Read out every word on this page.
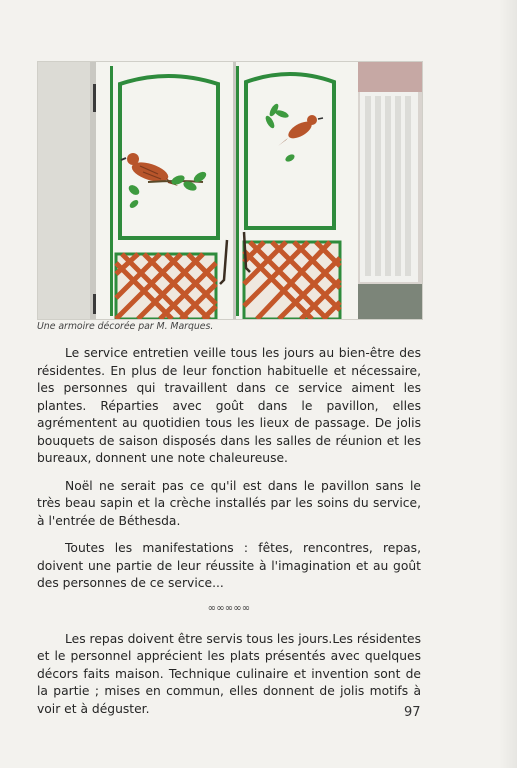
Une armoire décorée par M. Marques.

Le service entretien veille tous les jours au bien-être des résidentes. En plus de leur fonction habituelle et nécessaire, les personnes qui travaillent dans ce service aiment les plantes. Réparties avec goût dans le pavillon, elles agrémentent au quotidien tous les lieux de passage. De jolis bouquets de saison disposés dans les salles de réunion et les bureaux, donnent une note chaleureuse.

Noël ne serait pas ce qu'il est dans le pavillon sans le très beau sapin et la crèche installés par les soins du service, à l'entrée de Béthesda.

Toutes les manifestations : fêtes, rencontres, repas, doivent une partie de leur réussite à l'imagination et au goût des personnes de ce service...

∞∞∞∞∞

Les repas doivent être servis tous les jours.Les résidentes et le personnel apprécient les plats présentés avec quelques décors faits maison. Technique culinaire et invention sont de la partie ; mises en commun, elles donnent de jolis motifs à voir et à déguster.	97
